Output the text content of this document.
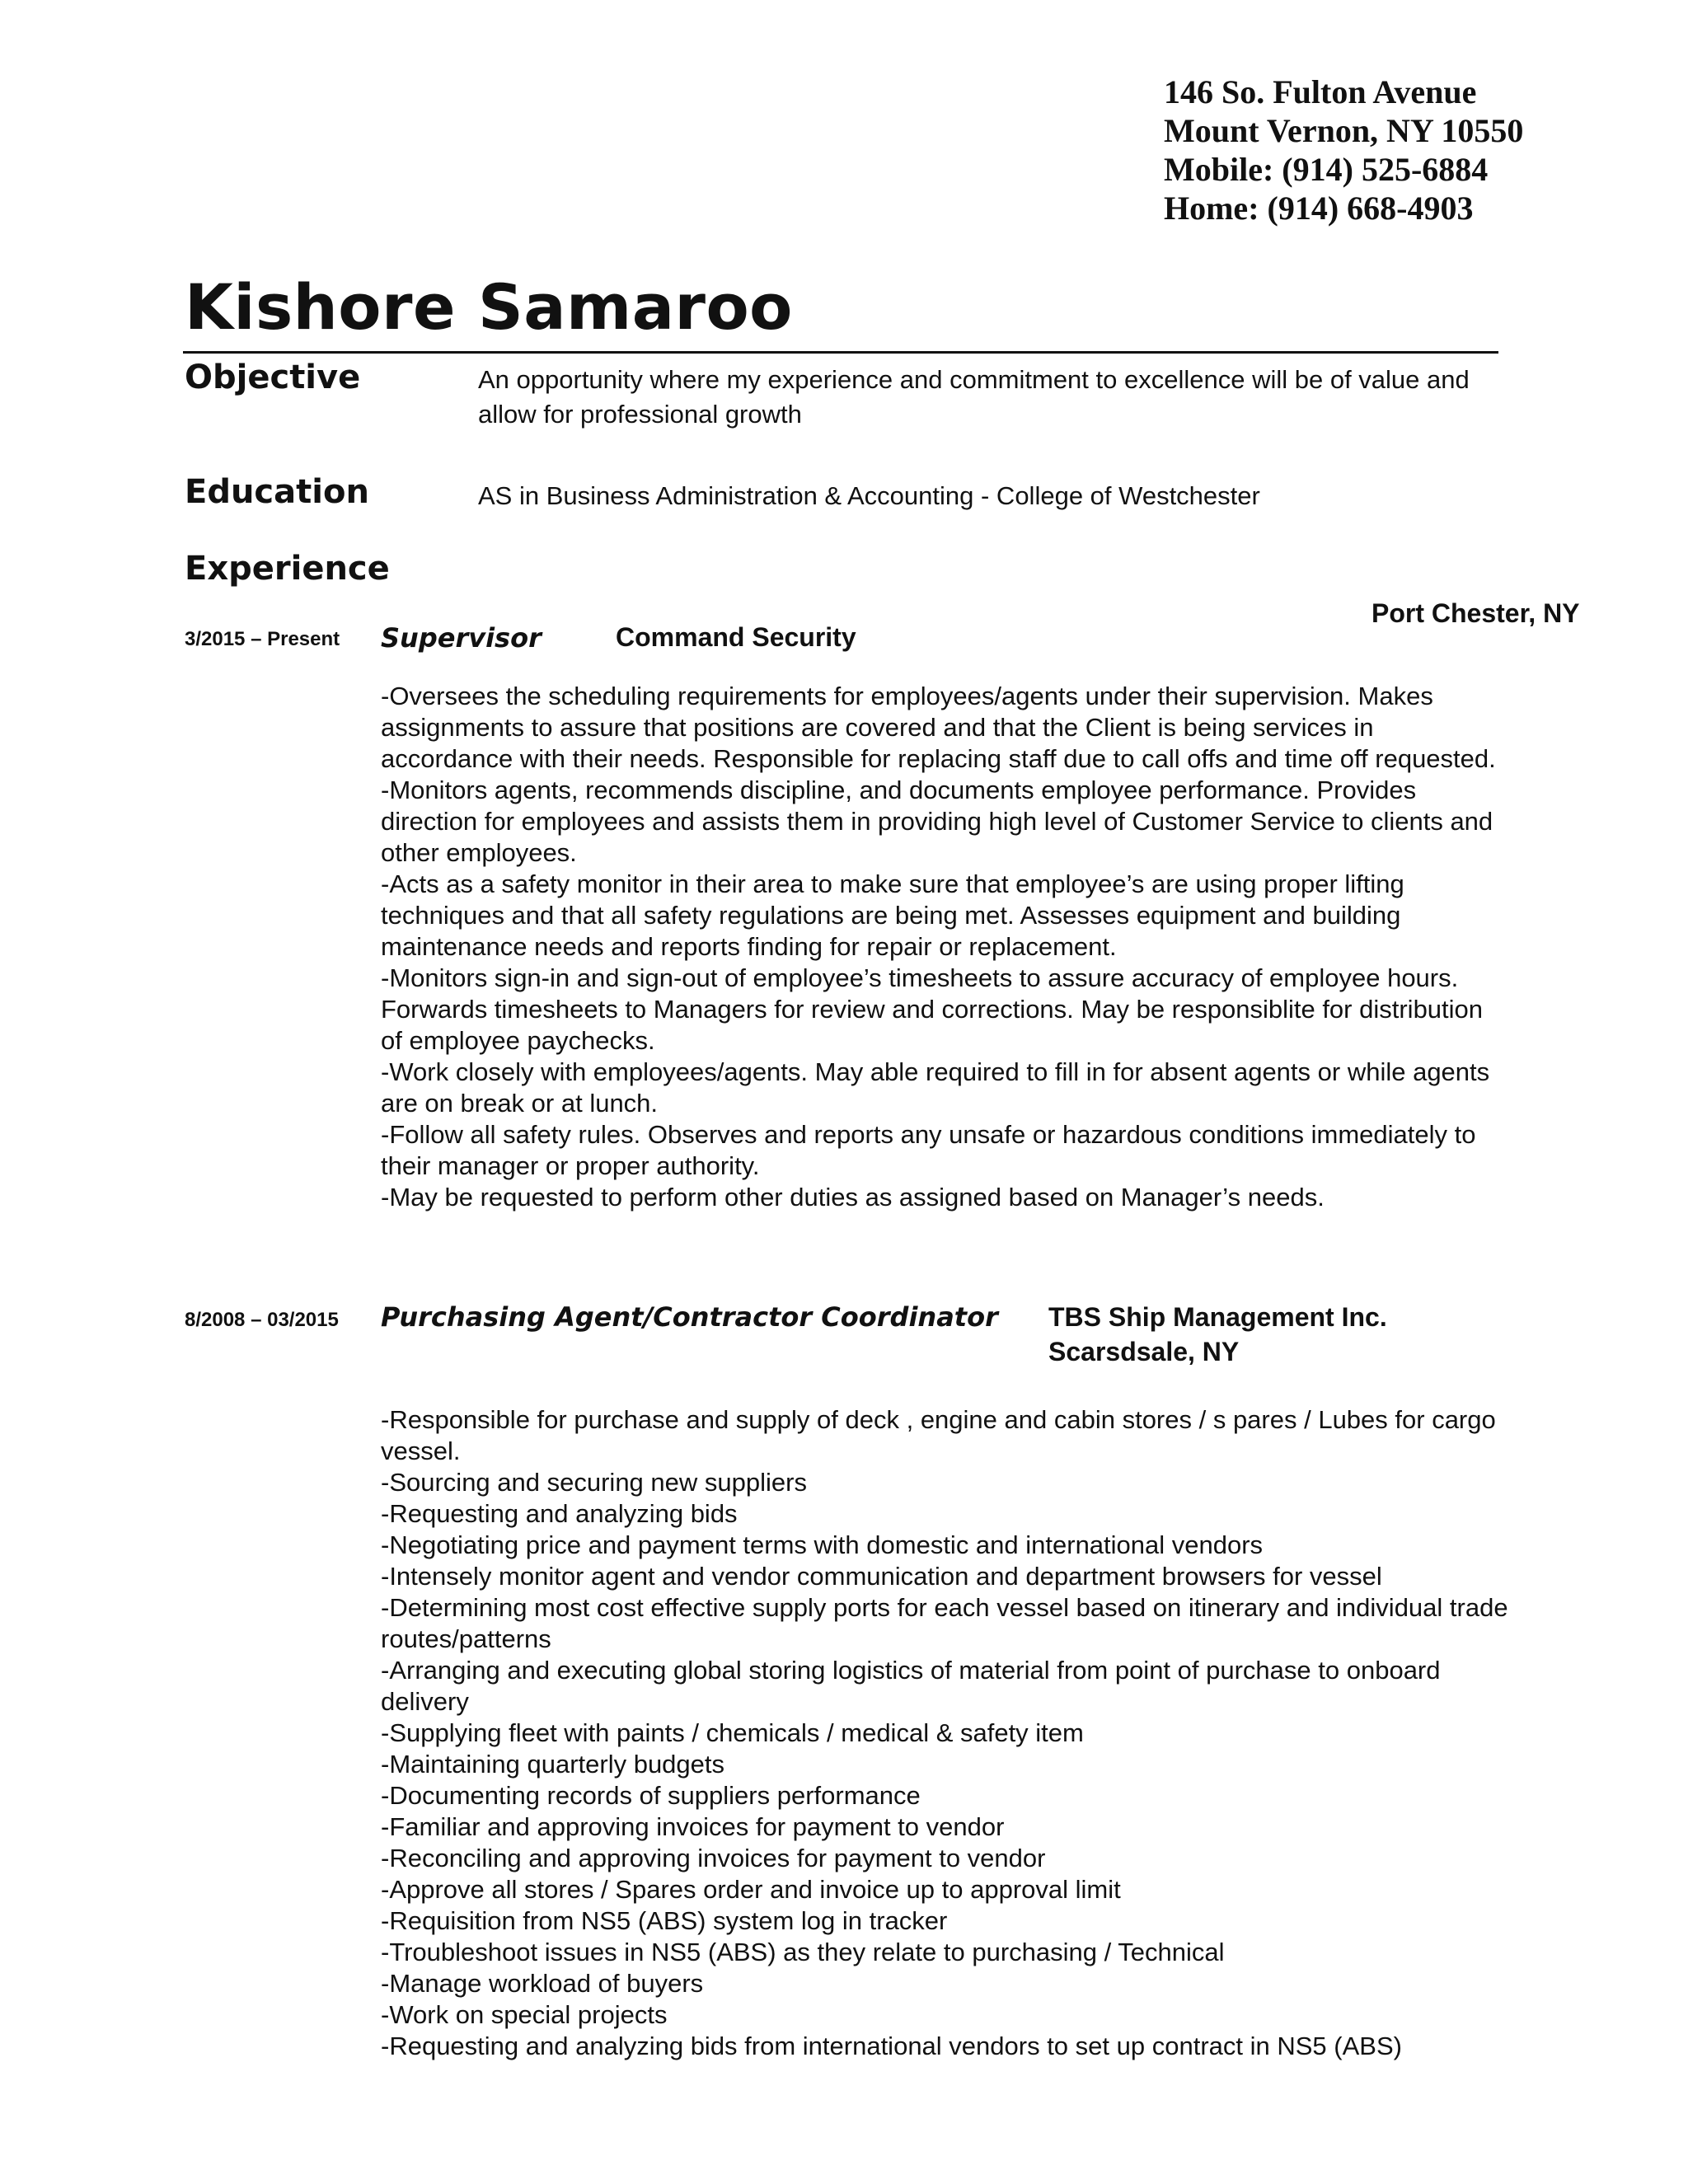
146 So. Fulton Avenue
Mount Vernon, NY 10550
Mobile: (914) 525-6884
Home: (914) 668-4903
Kishore Samaroo
Objective	An opportunity where my experience and commitment to excellence will be of value and allow for professional growth
Education	AS in Business Administration & Accounting - College of Westchester
Experience
3/2015 – Present Supervisor	Command Security
Port Chester, NY
-Oversees the scheduling requirements for employees/agents under their supervision. Makes assignments to assure that positions are covered and that the Client is being services in accordance with their needs. Responsible for replacing staff due to call offs and time off requested.
-Monitors agents, recommends discipline, and documents employee performance. Provides direction for employees and assists them in providing high level of Customer Service to clients and other employees.
-Acts as a safety monitor in their area to make sure that employee’s are using proper lifting techniques and that all safety regulations are being met. Assesses equipment and building maintenance needs and reports finding for repair or replacement.
-Monitors sign-in and sign-out of employee’s timesheets to assure accuracy of employee hours. Forwards timesheets to Managers for review and corrections. May be responsiblite for distribution of employee paychecks.
-Work closely with employees/agents. May able required to fill in for absent agents or while agents are on break or at lunch.
-Follow all safety rules. Observes and reports any unsafe or hazardous conditions immediately to their manager or proper authority.
-May be requested to perform other duties as assigned based on Manager’s needs.
8/2008 – 03/2015 Purchasing Agent/Contractor Coordinator TBS Ship Management Inc.
Scarsdsale, NY
-Responsible for purchase and supply of deck , engine and cabin stores / s pares / Lubes for cargo vessel.
-Sourcing and securing new suppliers
-Requesting and analyzing bids
-Negotiating price and payment terms with domestic and international vendors
-Intensely monitor agent and vendor communication and department browsers for vessel
-Determining most cost effective supply ports for each vessel based on itinerary and individual trade routes/patterns
-Arranging and executing global storing logistics of material from point of purchase to onboard delivery
-Supplying fleet with paints / chemicals / medical & safety item
-Maintaining quarterly budgets
-Documenting records of suppliers performance
-Familiar and approving invoices for payment to vendor
-Reconciling and approving invoices for payment to vendor
-Approve all stores / Spares order and invoice up to approval limit
-Requisition from NS5 (ABS) system log in tracker
-Troubleshoot issues in NS5 (ABS) as they relate to purchasing / Technical
-Manage workload of buyers
-Work on special projects
-Requesting and analyzing bids from international vendors to set up contract in NS5 (ABS)
